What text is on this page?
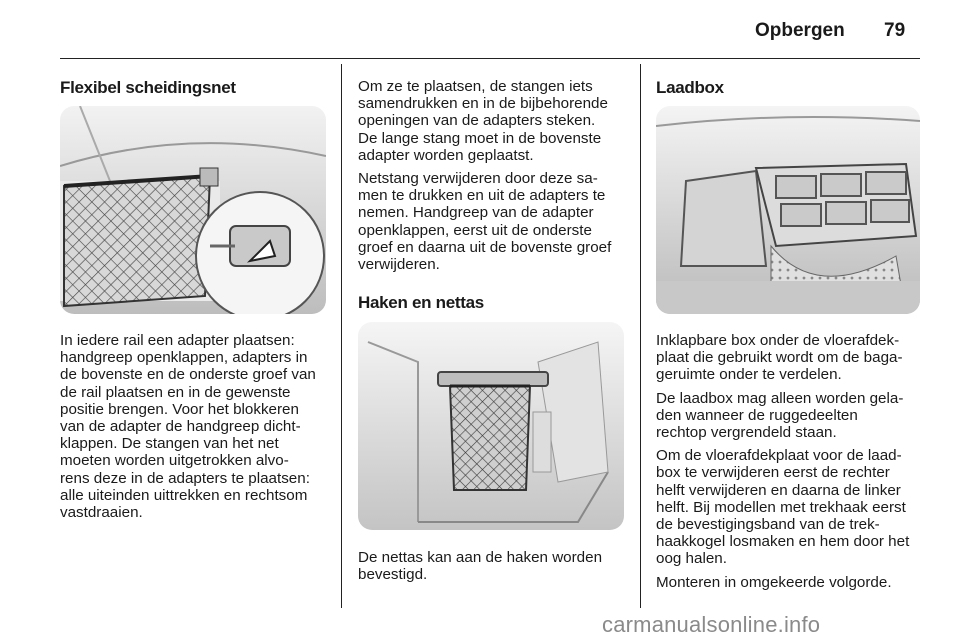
Opbergen 79
Flexibel scheidingsnet
In iedere rail een adapter plaatsen:
handgreep openklappen, adapters in
de bovenste en de onderste groef van
de rail plaatsen en in de gewenste
positie brengen. Voor het blokkeren
van de adapter de handgreep dicht-
klappen. De stangen van het net
moeten worden uitgetrokken alvo-
rens deze in de adapters te plaatsen:
alle uiteinden uittrekken en rechtsom
vastdraaien.

Om ze te plaatsen, de stangen iets
samendrukken en in de bijbehorende
openingen van de adapters steken.
De lange stang moet in de bovenste
adapter worden geplaatst.

Netstang verwijderen door deze sa-
men te drukken en uit de adapters te
nemen. Handgreep van de adapter
openklappen, eerst uit de onderste
groef en daarna uit de bovenste groef
verwijderen.

Haken en nettas
De nettas kan aan de haken worden
bevestigd.
Laadbox

Inklapbare box onder de vloerafdek-
plaat die gebruikt wordt om de baga-
geruimte onder te verdelen.

De laadbox mag alleen worden gela-
den wanneer de ruggedeelten
rechtop vergrendeld staan.

Om de vloerafdekplaat voor de laad-
box te verwijderen eerst de rechter
helft verwijderen en daarna de linker
helft. Bij modellen met trekhaak eerst
de bevestigingsband van de trek-
haakkogel losmaken en hem door het
oog halen.

Monteren in omgekeerde volgorde.

carmanualsonline.info
